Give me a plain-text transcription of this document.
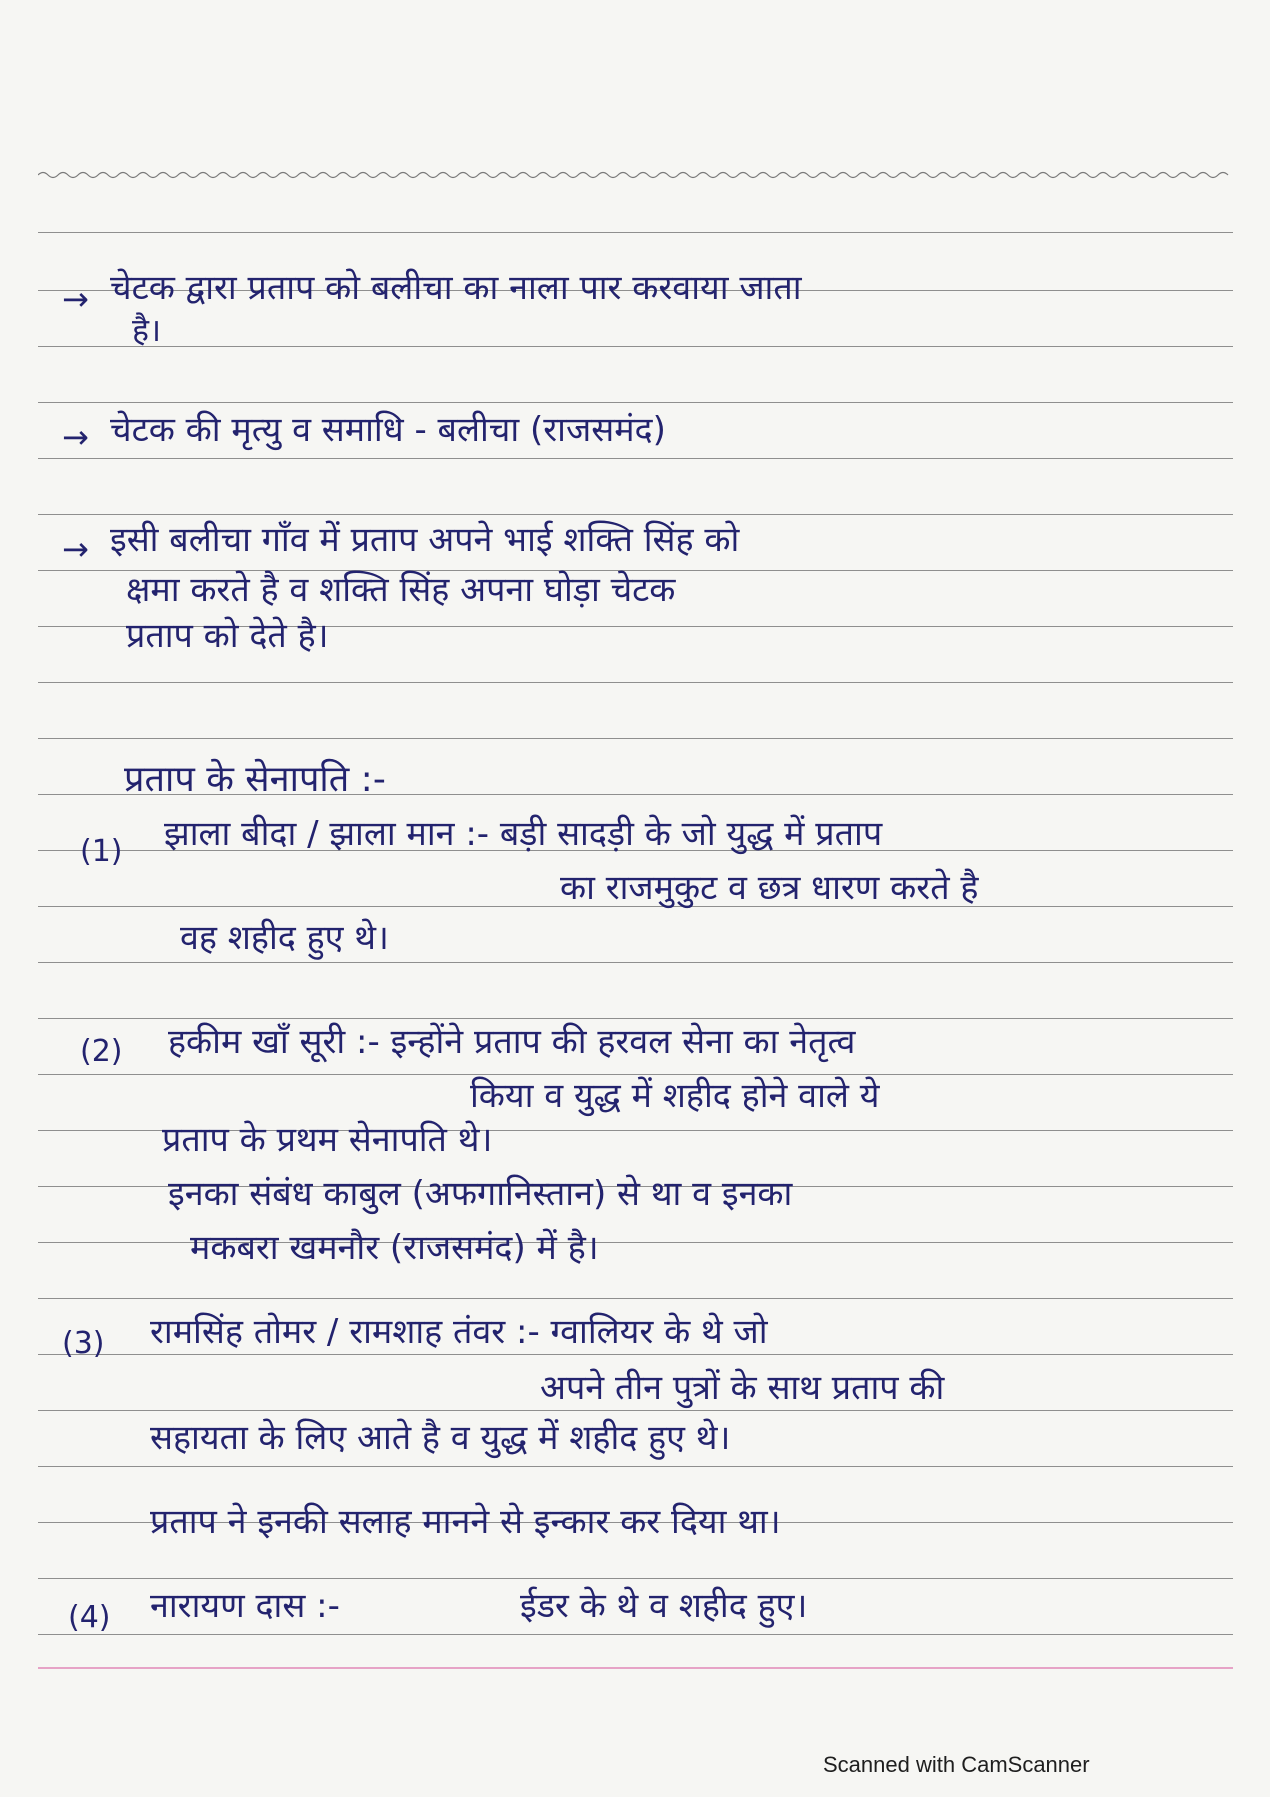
→ चेटक द्वारा प्रताप को बलीचा का नाला पार करवाया जाता
है।
→ चेटक की मृत्यु व समाधि - बलीचा (राजसमंद)
→ इसी बलीचा गाँव में प्रताप अपने भाई शक्ति सिंह को
क्षमा करते है व शक्ति सिंह अपना घोड़ा चेटक
प्रताप को देते है।
प्रताप के सेनापति :-
(1) झाला बीदा / झाला मान :- बड़ी सादड़ी के जो युद्ध में प्रताप
का राजमुकुट व छत्र धारण करते है
वह शहीद हुए थे।
(2) हकीम खाँ सूरी :- इन्होंने प्रताप की हरवल सेना का नेतृत्व
किया व युद्ध में शहीद होने वाले ये
प्रताप के प्रथम सेनापति थे।
इनका संबंध काबुल (अफगानिस्तान) से था व इनका
मकबरा खमनौर (राजसमंद) में है।
(3) रामसिंह तोमर / रामशाह तंवर :- ग्वालियर के थे जो
अपने तीन पुत्रों के साथ प्रताप की
सहायता के लिए आते है व युद्ध में शहीद हुए थे।
प्रताप ने इनकी सलाह मानने से इन्कार कर दिया था।
(4) नारायण दास :-	ईडर के थे व शहीद हुए।
Scanned with CamScanner
